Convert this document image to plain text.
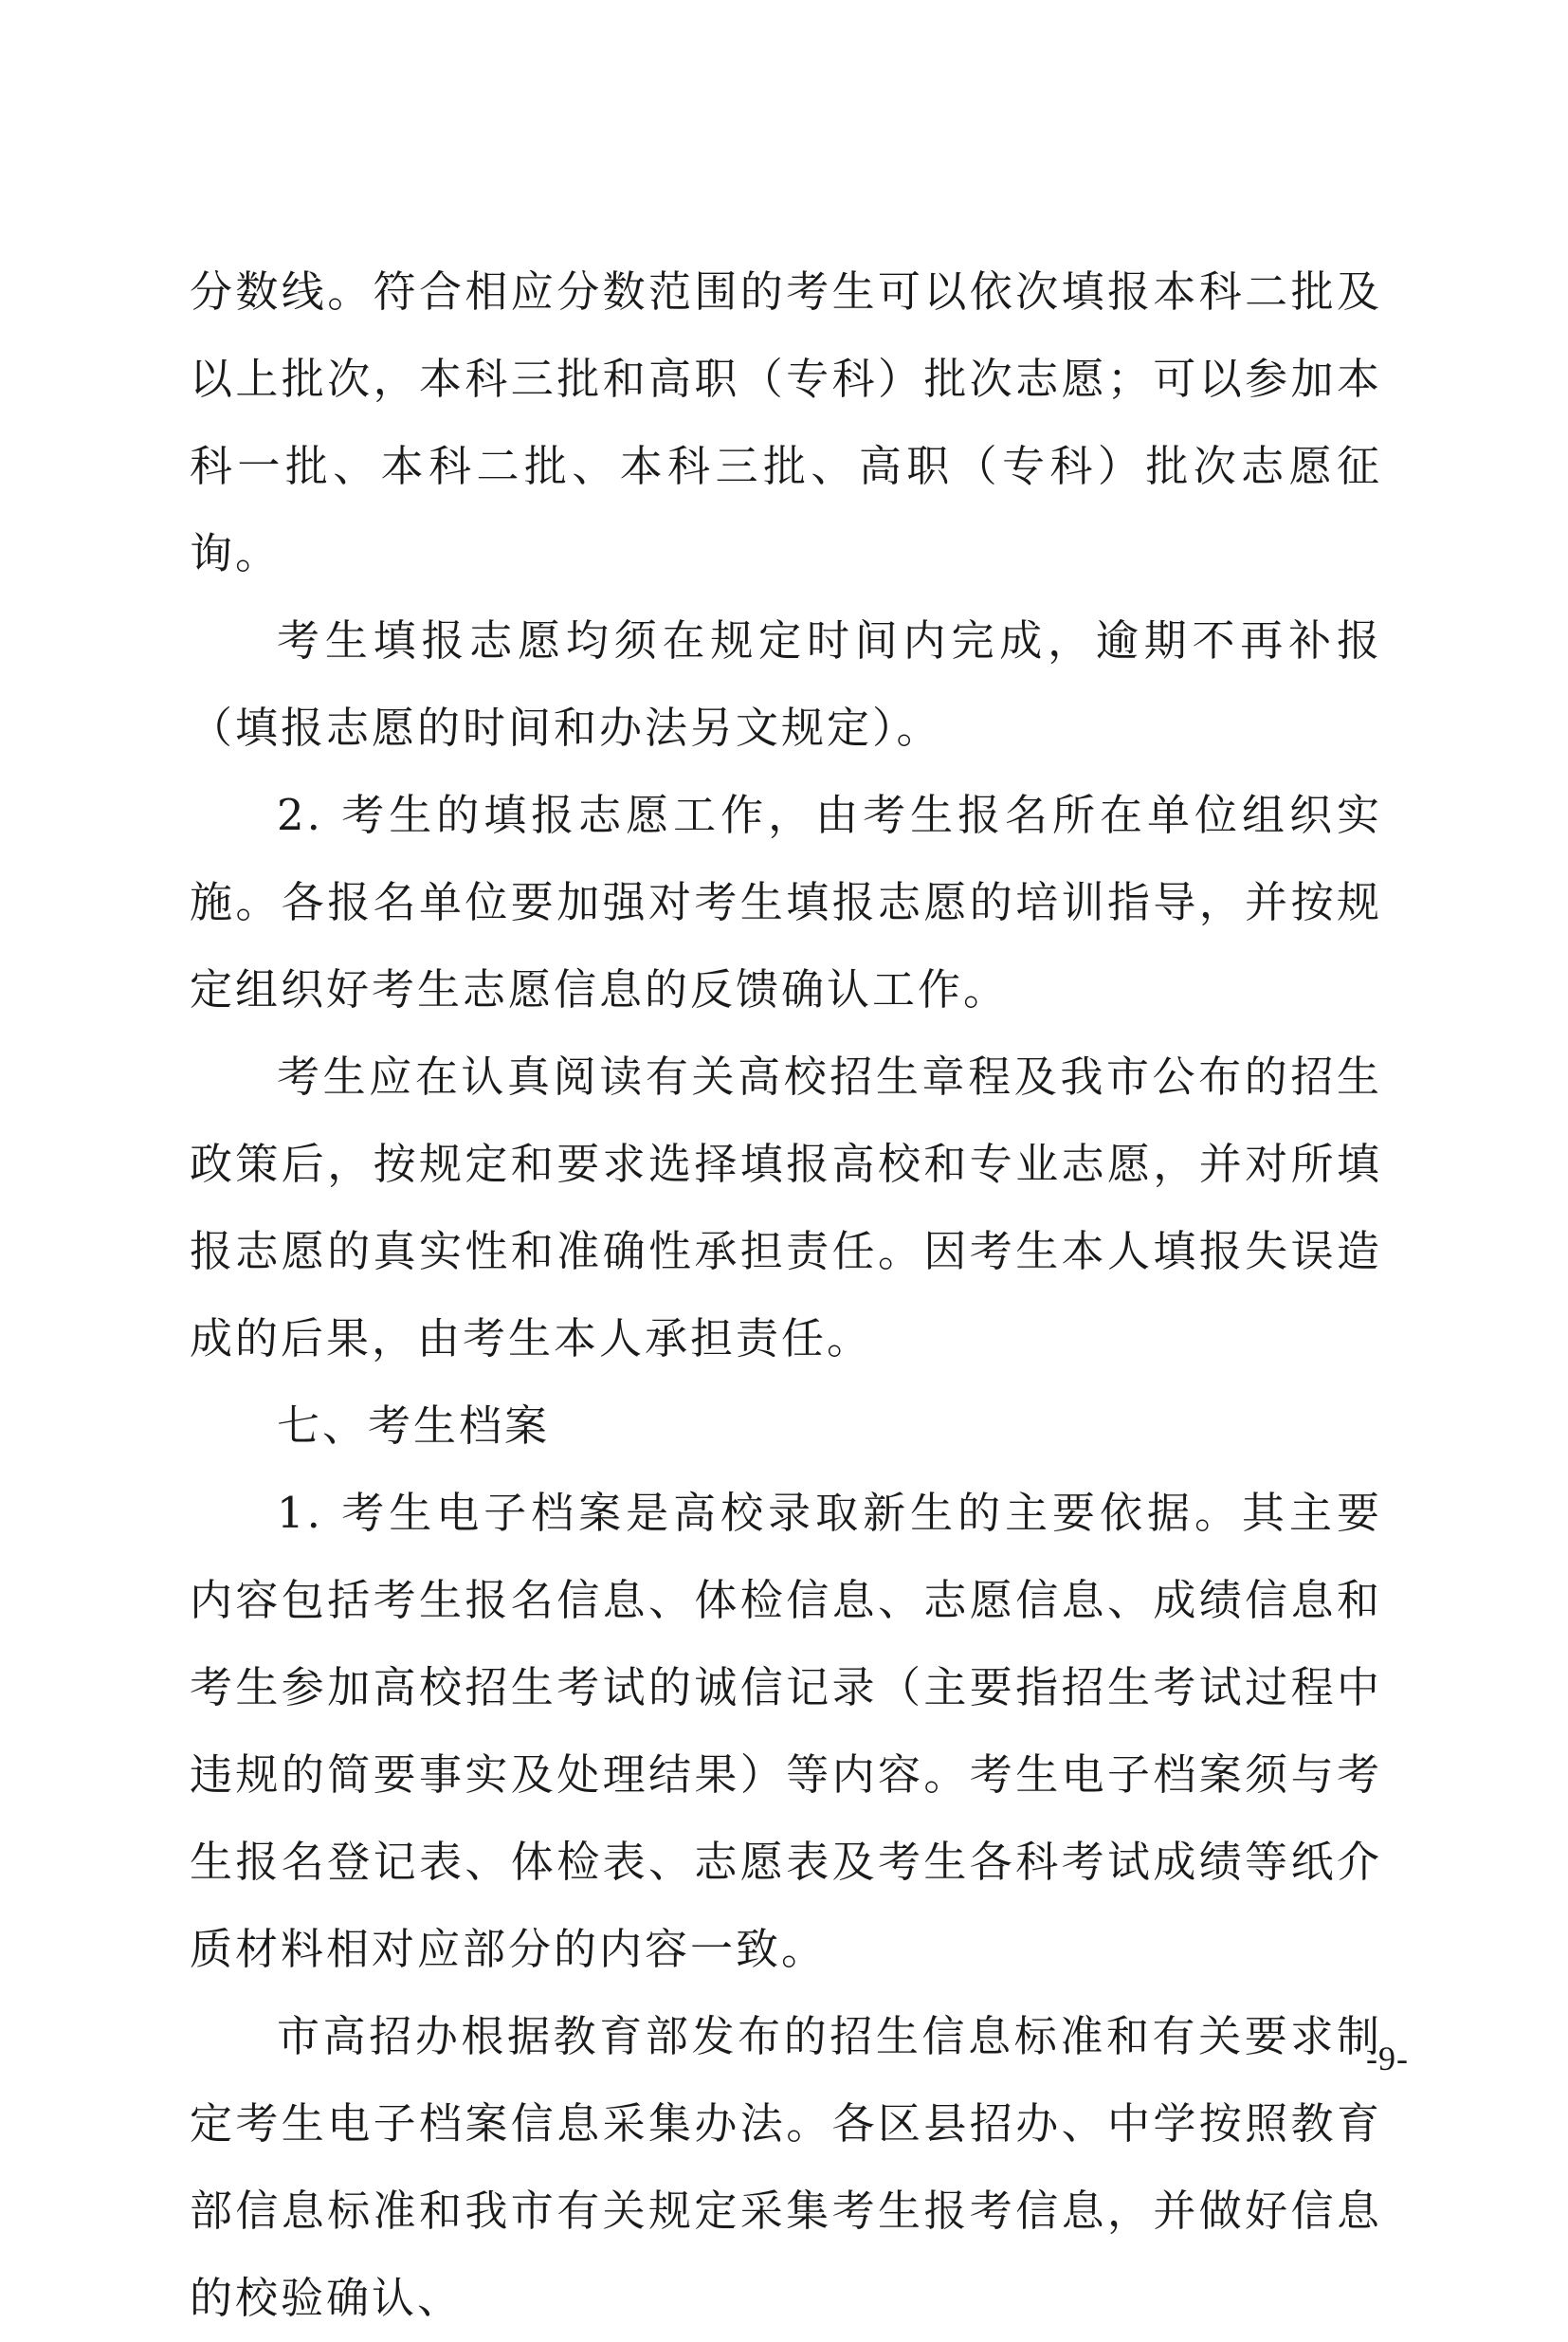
分数线。符合相应分数范围的考生可以依次填报本科二批及以上批次，本科三批和高职（专科）批次志愿；可以参加本科一批、本科二批、本科三批、高职（专科）批次志愿征询。

考生填报志愿均须在规定时间内完成，逾期不再补报（填报志愿的时间和办法另文规定）。

2. 考生的填报志愿工作，由考生报名所在单位组织实施。各报名单位要加强对考生填报志愿的培训指导，并按规定组织好考生志愿信息的反馈确认工作。

考生应在认真阅读有关高校招生章程及我市公布的招生政策后，按规定和要求选择填报高校和专业志愿，并对所填报志愿的真实性和准确性承担责任。因考生本人填报失误造成的后果，由考生本人承担责任。

七、考生档案

1. 考生电子档案是高校录取新生的主要依据。其主要内容包括考生报名信息、体检信息、志愿信息、成绩信息和考生参加高校招生考试的诚信记录（主要指招生考试过程中违规的简要事实及处理结果）等内容。考生电子档案须与考生报名登记表、体检表、志愿表及考生各科考试成绩等纸介质材料相对应部分的内容一致。

市高招办根据教育部发布的招生信息标准和有关要求制定考生电子档案信息采集办法。各区县招办、中学按照教育部信息标准和我市有关规定采集考生报考信息，并做好信息的校验确认、

-9-
